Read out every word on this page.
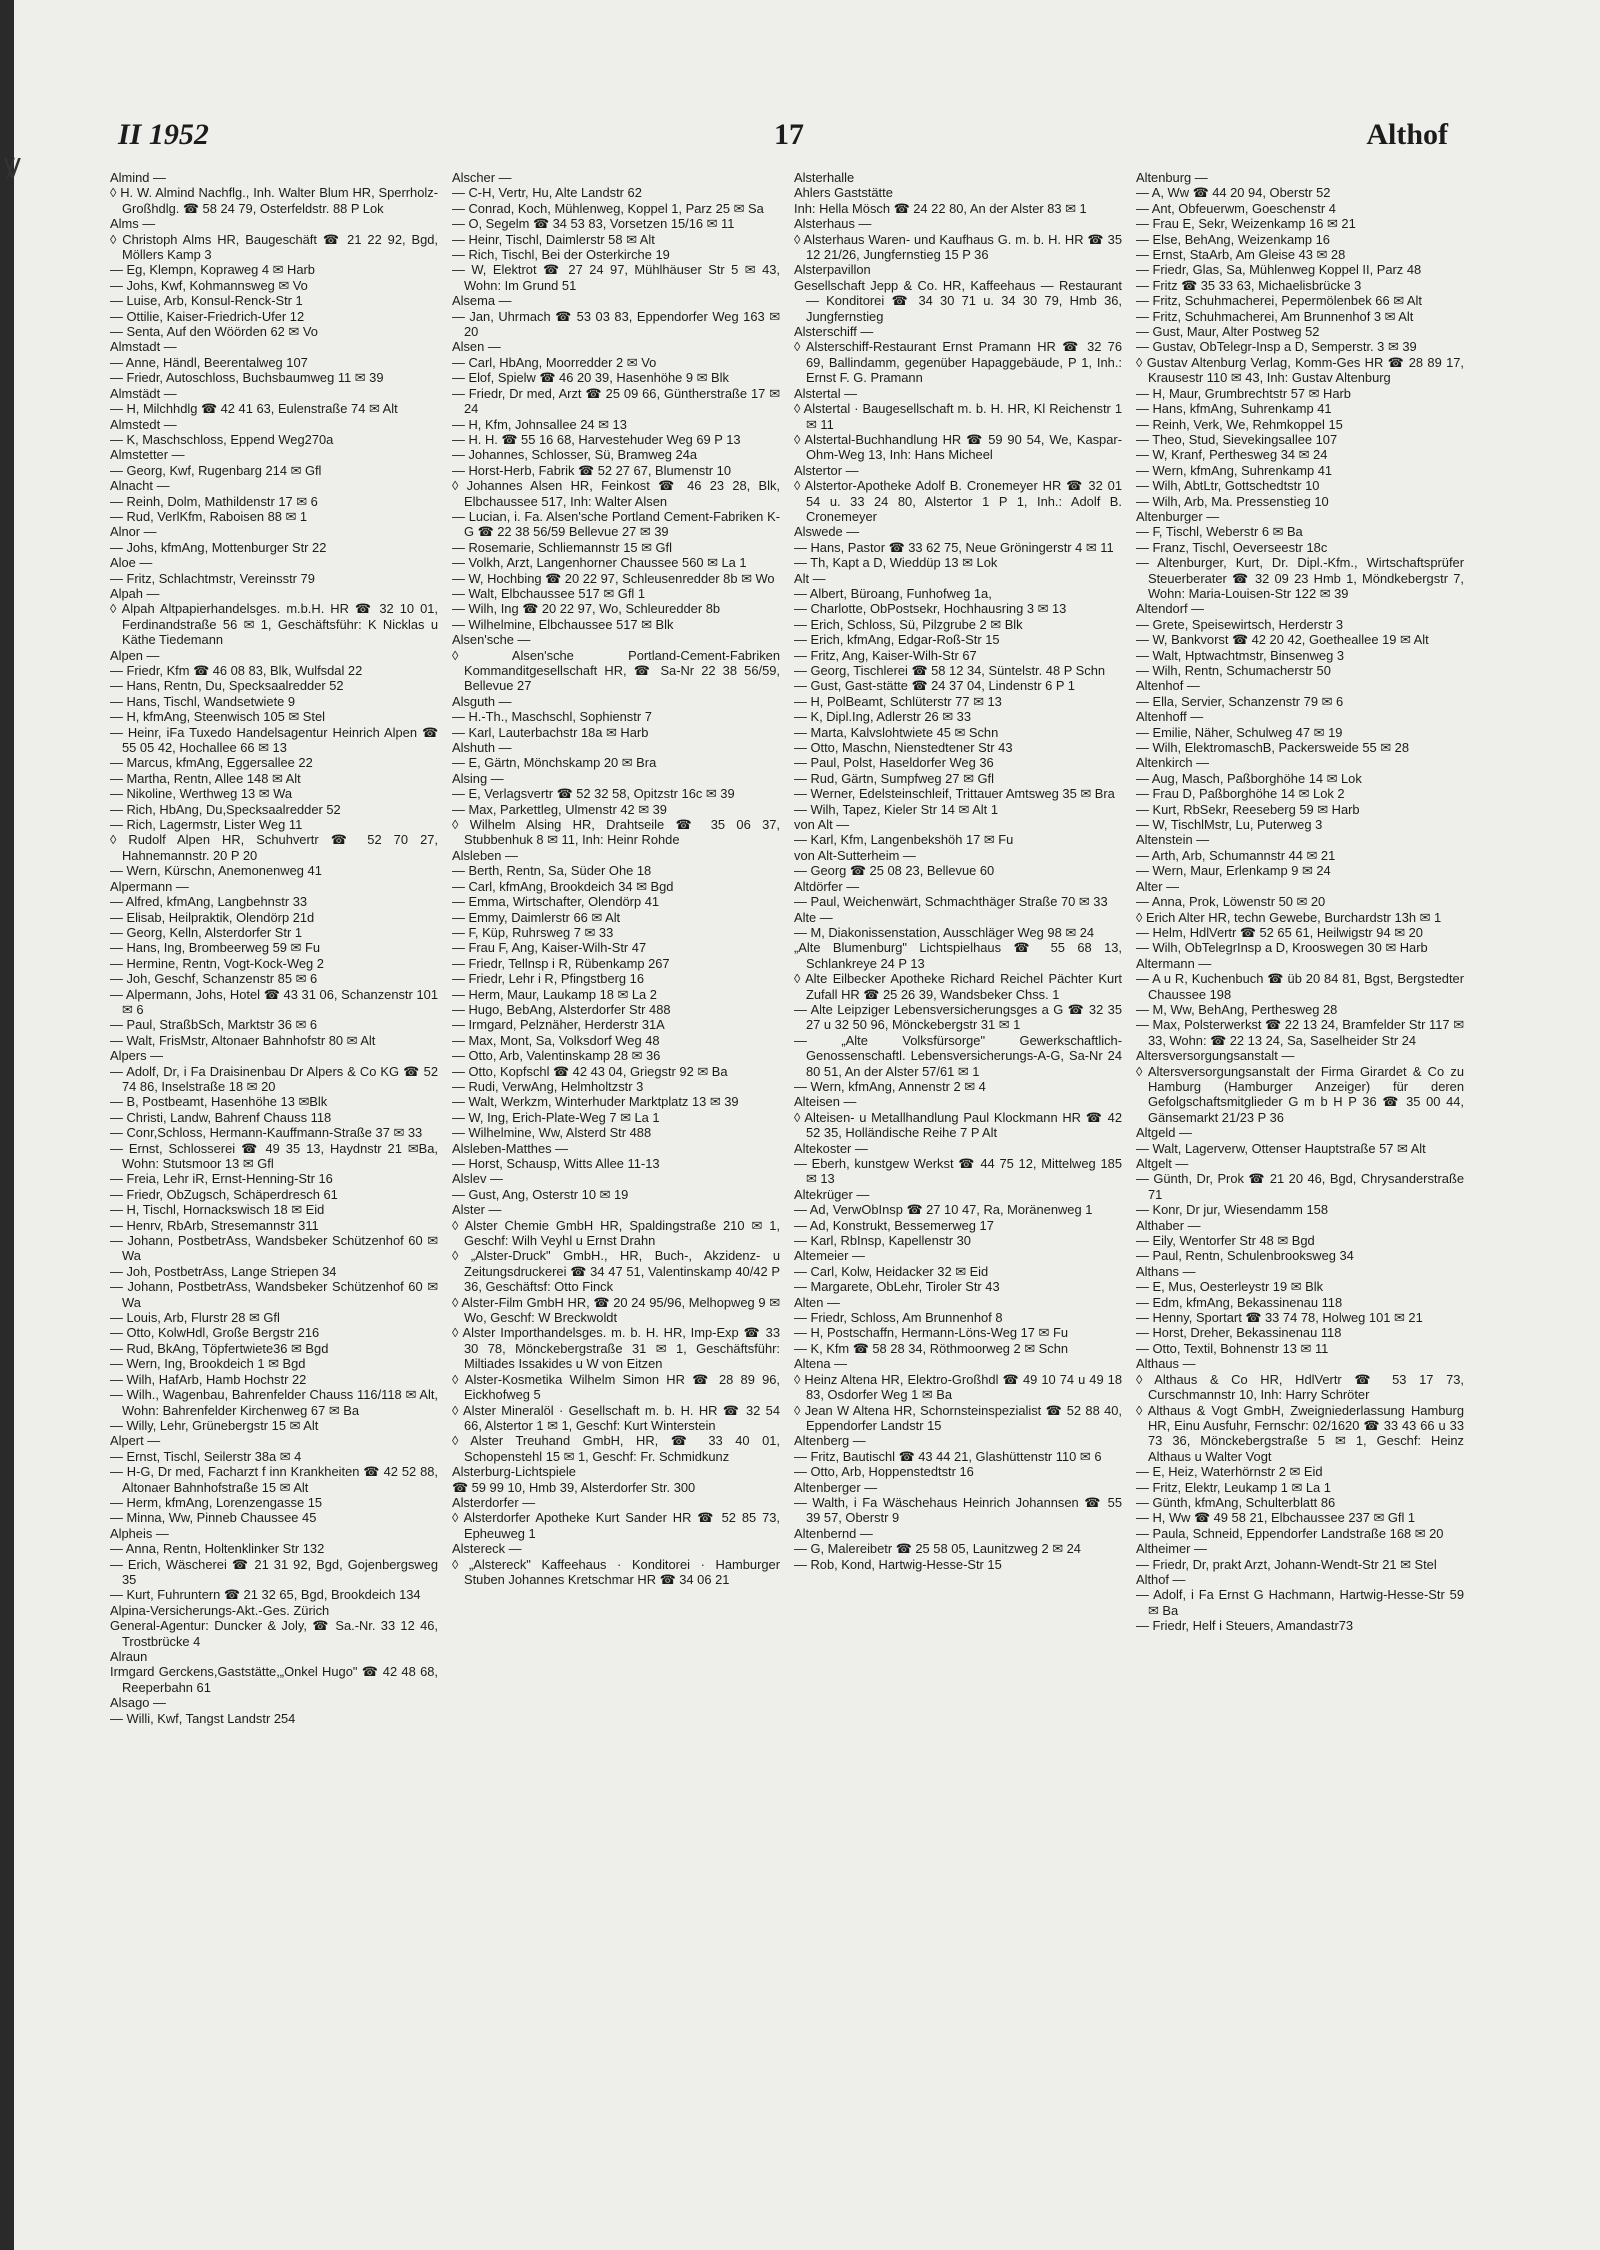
Ꝟ
II 1952	17	Althof
Almind —
◊ H. W. Almind Nachflg., Inh. Walter Blum HR, Sperrholz-Großhdlg. ☎ 58 24 79, Osterfeldstr. 88 P Lok
Alms —
◊ Christoph Alms HR, Baugeschäft ☎ 21 22 92, Bgd, Möllers Kamp 3
— Eg, Klempn, Kopraweg 4 ✉ Harb
— Johs, Kwf, Kohmannsweg ✉ Vo
— Luise, Arb, Konsul-Renck-Str 1
— Ottilie, Kaiser-Friedrich-Ufer 12
— Senta, Auf den Wöörden 62 ✉ Vo
Almstadt —
— Anne, Händl, Beerentalweg 107
— Friedr, Autoschloss, Buchsbaumweg 11 ✉ 39
Almstädt —
— H, Milchhdlg ☎ 42 41 63, Eulenstraße 74 ✉ Alt
Almstedt —
— K, Maschschloss, Eppend Weg270a
Almstetter —
— Georg, Kwf, Rugenbarg 214 ✉ Gfl
Alnacht —
— Reinh, Dolm, Mathildenstr 17 ✉ 6
— Rud, VerlKfm, Raboisen 88 ✉ 1
Alnor —
— Johs, kfmAng, Mottenburger Str 22
Aloe —
— Fritz, Schlachtmstr, Vereinsstr 79
Alpah —
◊ Alpah Altpapierhandelsges. m.b.H. HR ☎ 32 10 01, Ferdinandstraße 56 ✉ 1, Geschäftsführ: K Nicklas u Käthe Tiedemann
Alpen —
— Friedr, Kfm ☎ 46 08 83, Blk, Wulfsdal 22
— Hans, Rentn, Du, Specksaalredder 52
— Hans, Tischl, Wandsetwiete 9
— H, kfmAng, Steenwisch 105 ✉ Stel
— Heinr, iFa Tuxedo Handelsagentur Heinrich Alpen ☎ 55 05 42, Hochallee 66 ✉ 13
— Marcus, kfmAng, Eggersallee 22
— Martha, Rentn, Allee 148 ✉ Alt
— Nikoline, Werthweg 13 ✉ Wa
— Rich, HbAng, Du,Specksaalredder 52
— Rich, Lagermstr, Lister Weg 11
◊ Rudolf Alpen HR, Schuhvertr ☎ 52 70 27, Hahnemannstr. 20 P 20
— Wern, Kürschn, Anemonenweg 41
Alpermann —
— Alfred, kfmAng, Langbehnstr 33
— Elisab, Heilpraktik, Olendörp 21d
— Georg, Kelln, Alsterdorfer Str 1
— Hans, Ing, Brombeerweg 59 ✉ Fu
— Hermine, Rentn, Vogt-Kock-Weg 2
— Joh, Geschf, Schanzenstr 85 ✉ 6
— Alpermann, Johs, Hotel ☎ 43 31 06, Schanzenstr 101 ✉ 6
— Paul, StraßbSch, Marktstr 36 ✉ 6
— Walt, FrisMstr, Altonaer Bahnhofstr 80 ✉ Alt
Alpers —
— Adolf, Dr, i Fa Draisinenbau Dr Alpers & Co KG ☎ 52 74 86, Inselstraße 18 ✉ 20
— B, Postbeamt, Hasenhöhe 13 ✉Blk
— Christi, Landw, Bahrenf Chauss 118
— Conr,Schloss, Hermann-Kauffmann-Straße 37 ✉ 33
— Ernst, Schlosserei ☎ 49 35 13, Haydnstr 21 ✉Ba, Wohn: Stutsmoor 13 ✉ Gfl
— Freia, Lehr iR, Ernst-Henning-Str 16
— Friedr, ObZugsch, Schäperdresch 61
— H, Tischl, Hornackswisch 18 ✉ Eid
— Henrv, RbArb, Stresemannstr 311
— Johann, PostbetrAss, Wandsbeker Schützenhof 60 ✉ Wa
— Joh, PostbetrAss, Lange Striepen 34
— Johann, PostbetrAss, Wandsbeker Schützenhof 60 ✉ Wa
— Louis, Arb, Flurstr 28 ✉ Gfl
— Otto, KolwHdl, Große Bergstr 216
— Rud, BkAng, Töpfertwiete36 ✉ Bgd
— Wern, Ing, Brookdeich 1 ✉ Bgd
— Wilh, HafArb, Hamb Hochstr 22
— Wilh., Wagenbau, Bahrenfelder Chauss 116/118 ✉ Alt, Wohn: Bahrenfelder Kirchenweg 67 ✉ Ba
— Willy, Lehr, Grünebergstr 15 ✉ Alt
Alpert —
— Ernst, Tischl, Seilerstr 38a ✉ 4
— H-G, Dr med, Facharzt f inn Krankheiten ☎ 42 52 88, Altonaer Bahnhofstraße 15 ✉ Alt
— Herm, kfmAng, Lorenzengasse 15
— Minna, Ww, Pinneb Chaussee 45
Alpheis —
— Anna, Rentn, Holtenklinker Str 132
— Erich, Wäscherei ☎ 21 31 92, Bgd, Gojenbergsweg 35
— Kurt, Fuhruntern ☎ 21 32 65, Bgd, Brookdeich 134
Alpina-Versicherungs-Akt.-Ges. Zürich
General-Agentur: Duncker & Joly, ☎ Sa.-Nr. 33 12 46, Trostbrücke 4
Alraun
Irmgard Gerckens,Gaststätte,„Onkel Hugo" ☎ 42 48 68, Reeperbahn 61
Alsago —
— Willi, Kwf, Tangst Landstr 254
Alscher —
— C-H, Vertr, Hu, Alte Landstr 62
— Conrad, Koch, Mühlenweg, Koppel 1, Parz 25 ✉ Sa
— O, Segelm ☎ 34 53 83, Vorsetzen 15/16 ✉ 11
— Heinr, Tischl, Daimlerstr 58 ✉ Alt
— Rich, Tischl, Bei der Osterkirche 19
— W, Elektrot ☎ 27 24 97, Mühlhäuser Str 5 ✉ 43, Wohn: Im Grund 51
Alsema —
— Jan, Uhrmach ☎ 53 03 83, Eppendorfer Weg 163 ✉ 20
Alsen —
— Carl, HbAng, Moorredder 2 ✉ Vo
— Elof, Spielw ☎ 46 20 39, Hasenhöhe 9 ✉ Blk
— Friedr, Dr med, Arzt ☎ 25 09 66, Güntherstraße 17 ✉ 24
— H, Kfm, Johnsallee 24 ✉ 13
— H. H. ☎ 55 16 68, Harvestehuder Weg 69 P 13
— Johannes, Schlosser, Sü, Bramweg 24a
— Horst-Herb, Fabrik ☎ 52 27 67, Blumenstr 10
◊ Johannes Alsen HR, Feinkost ☎ 46 23 28, Blk, Elbchaussee 517, Inh: Walter Alsen
— Lucian, i. Fa. Alsen'sche Portland Cement-Fabriken K-G ☎ 22 38 56/59 Bellevue 27 ✉ 39
— Rosemarie, Schliemannstr 15 ✉ Gfl
— Volkh, Arzt, Langenhorner Chaussee 560 ✉ La 1
— W, Hochbing ☎ 20 22 97, Schleusenredder 8b ✉ Wo
— Walt, Elbchaussee 517 ✉ Gfl 1
— Wilh, Ing ☎ 20 22 97, Wo, Schleuredder 8b
— Wilhelmine, Elbchaussee 517 ✉ Blk
Alsen'sche —
◊ Alsen'sche Portland-Cement-Fabriken Kommanditgesellschaft HR, ☎ Sa-Nr 22 38 56/59, Bellevue 27
Alsguth —
— H.-Th., Maschschl, Sophienstr 7
— Karl, Lauterbachstr 18a ✉ Harb
Alshuth —
— E, Gärtn, Mönchskamp 20 ✉ Bra
Alsing —
— E, Verlagsvertr ☎ 52 32 58, Opitzstr 16c ✉ 39
— Max, Parkettleg, Ulmenstr 42 ✉ 39
◊ Wilhelm Alsing HR, Drahtseile ☎ 35 06 37, Stubbenhuk 8 ✉ 11, Inh: Heinr Rohde
Alsleben —
— Berth, Rentn, Sa, Süder Ohe 18
— Carl, kfmAng, Brookdeich 34 ✉ Bgd
— Emma, Wirtschafter, Olendörp 41
— Emmy, Daimlerstr 66 ✉ Alt
— F, Küp, Ruhrsweg 7 ✉ 33
— Frau F, Ang, Kaiser-Wilh-Str 47
— Friedr, Tellnsp i R, Rübenkamp 267
— Friedr, Lehr i R, Pfingstberg 16
— Herm, Maur, Laukamp 18 ✉ La 2
— Hugo, BebAng, Alsterdorfer Str 488
— Irmgard, Pelznäher, Herderstr 31A
— Max, Mont, Sa, Volksdorf Weg 48
— Otto, Arb, Valentinskamp 28 ✉ 36
— Otto, Kopfschl ☎ 42 43 04, Griegstr 92 ✉ Ba
— Rudi, VerwAng, Helmholtzstr 3
— Walt, Werkzm, Winterhuder Marktplatz 13 ✉ 39
— W, Ing, Erich-Plate-Weg 7 ✉ La 1
— Wilhelmine, Ww, Alsterd Str 488
Alsleben-Matthes —
— Horst, Schausp, Witts Allee 11-13
Alslev —
— Gust, Ang, Osterstr 10 ✉ 19
Alster —
◊ Alster Chemie GmbH HR, Spaldingstraße 210 ✉ 1, Geschf: Wilh Veyhl u Ernst Drahn
◊ „Alster-Druck" GmbH., HR, Buch-, Akzidenz- u Zeitungsdruckerei ☎ 34 47 51, Valentinskamp 40/42 P 36, Geschäftsf: Otto Finck
◊ Alster-Film GmbH HR, ☎ 20 24 95/96, Melhopweg 9 ✉ Wo, Geschf: W Breckwoldt
◊ Alster Importhandelsges. m. b. H. HR, Imp-Exp ☎ 33 30 78, Mönckebergstraße 31 ✉ 1, Geschäftsführ: Miltiades Issakides u W von Eitzen
◊ Alster-Kosmetika Wilhelm Simon HR ☎ 28 89 96, Eickhofweg 5
◊ Alster Mineralöl · Gesellschaft m. b. H. HR ☎ 32 54 66, Alstertor 1 ✉ 1, Geschf: Kurt Winterstein
◊ Alster Treuhand GmbH, HR, ☎ 33 40 01, Schopenstehl 15 ✉ 1, Geschf: Fr. Schmidkunz
Alsterburg-Lichtspiele
☎ 59 99 10, Hmb 39, Alsterdorfer Str. 300
Alsterdorfer —
◊ Alsterdorfer Apotheke Kurt Sander HR ☎ 52 85 73, Epheuweg 1
Alstereck —
◊ „Alstereck" Kaffeehaus · Konditorei · Hamburger Stuben Johannes Kretschmar HR ☎ 34 06 21
Alsterhalle
Ahlers Gaststätte
Inh: Hella Mösch ☎ 24 22 80, An der Alster 83 ✉ 1
Alsterhaus —
◊ Alsterhaus Waren- und Kaufhaus G. m. b. H. HR ☎ 35 12 21/26, Jungfernstieg 15 P 36
Alsterpavillon
Gesellschaft Jepp & Co. HR, Kaffeehaus — Restaurant — Konditorei ☎ 34 30 71 u. 34 30 79, Hmb 36, Jungfernstieg
Alsterschiff —
◊ Alsterschiff-Restaurant Ernst Pramann HR ☎ 32 76 69, Ballindamm, gegenüber Hapaggebäude, P 1, Inh.: Ernst F. G. Pramann
Alstertal —
◊ Alstertal · Baugesellschaft m. b. H. HR, Kl Reichenstr 1 ✉ 11
◊ Alstertal-Buchhandlung HR ☎ 59 90 54, We, Kaspar-Ohm-Weg 13, Inh: Hans Micheel
Alstertor —
◊ Alstertor-Apotheke Adolf B. Cronemeyer HR ☎ 32 01 54 u. 33 24 80, Alstertor 1 P 1, Inh.: Adolf B. Cronemeyer
Alswede —
— Hans, Pastor ☎ 33 62 75, Neue Gröningerstr 4 ✉ 11
— Th, Kapt a D, Wieddüp 13 ✉ Lok
Alt —
— Albert, Büroang, Funhofweg 1a,
— Charlotte, ObPostsekr, Hochhausring 3 ✉ 13
— Erich, Schloss, Sü, Pilzgrube 2 ✉ Blk
— Erich, kfmAng, Edgar-Roß-Str 15
— Fritz, Ang, Kaiser-Wilh-Str 67
— Georg, Tischlerei ☎ 58 12 34, Süntelstr. 48 P Schn
— Gust, Gast-stätte ☎ 24 37 04, Lindenstr 6 P 1
— H, PolBeamt, Schlüterstr 77 ✉ 13
— K, Dipl.Ing, Adlerstr 26 ✉ 33
— Marta, Kalvslohtwiete 45 ✉ Schn
— Otto, Maschn, Nienstedtener Str 43
— Paul, Polst, Haseldorfer Weg 36
— Rud, Gärtn, Sumpfweg 27 ✉ Gfl
— Werner, Edelsteinschleif, Trittauer Amtsweg 35 ✉ Bra
— Wilh, Tapez, Kieler Str 14 ✉ Alt 1
von Alt —
— Karl, Kfm, Langenbekshöh 17 ✉ Fu
von Alt-Sutterheim —
— Georg ☎ 25 08 23, Bellevue 60
Altdörfer —
— Paul, Weichenwärt, Schmachthäger Straße 70 ✉ 33
Alte —
— M, Diakonissenstation, Ausschläger Weg 98 ✉ 24
„Alte Blumenburg" Lichtspielhaus ☎ 55 68 13, Schlankreye 24 P 13
◊ Alte Eilbecker Apotheke Richard Reichel Pächter Kurt Zufall HR ☎ 25 26 39, Wandsbeker Chss. 1
— Alte Leipziger Lebensversicherungsges a G ☎ 32 35 27 u 32 50 96, Mönckebergstr 31 ✉ 1
— „Alte Volksfürsorge" Gewerkschaftlich-Genossenschaftl. Lebensversicherungs-A-G, Sa-Nr 24 80 51, An der Alster 57/61 ✉ 1
— Wern, kfmAng, Annenstr 2 ✉ 4
Alteisen —
◊ Alteisen- u Metallhandlung Paul Klockmann HR ☎ 42 52 35, Holländische Reihe 7 P Alt
Altekoster —
— Eberh, kunstgew Werkst ☎ 44 75 12, Mittelweg 185 ✉ 13
Altekrüger —
— Ad, VerwObInsp ☎ 27 10 47, Ra, Moränenweg 1
— Ad, Konstrukt, Bessemerweg 17
— Karl, RbInsp, Kapellenstr 30
Altemeier —
— Carl, Kolw, Heidacker 32 ✉ Eid
— Margarete, ObLehr, Tiroler Str 43
Alten —
— Friedr, Schloss, Am Brunnenhof 8
— H, Postschaffn, Hermann-Löns-Weg 17 ✉ Fu
— K, Kfm ☎ 58 28 34, Röthmoorweg 2 ✉ Schn
Altena —
◊ Heinz Altena HR, Elektro-Großhdl ☎ 49 10 74 u 49 18 83, Osdorfer Weg 1 ✉ Ba
◊ Jean W Altena HR, Schornsteinspezialist ☎ 52 88 40, Eppendorfer Landstr 15
Altenberg —
— Fritz, Bautischl ☎ 43 44 21, Glashüttenstr 110 ✉ 6
— Otto, Arb, Hoppenstedtstr 16
Altenberger —
— Walth, i Fa Wäschehaus Heinrich Johannsen ☎ 55 39 57, Oberstr 9
Altenbernd —
— G, Malereibetr ☎ 25 58 05, Launitzweg 2 ✉ 24
— Rob, Kond, Hartwig-Hesse-Str 15
Altenburg —
— A, Ww ☎ 44 20 94, Oberstr 52
— Ant, Obfeuerwm, Goeschenstr 4
— Frau E, Sekr, Weizenkamp 16 ✉ 21
— Else, BehAng, Weizenkamp 16
— Ernst, StaArb, Am Gleise 43 ✉ 28
— Friedr, Glas, Sa, Mühlenweg Koppel II, Parz 48
— Fritz ☎ 35 33 63, Michaelisbrücke 3
— Fritz, Schuhmacherei, Pepermölenbek 66 ✉ Alt
— Fritz, Schuhmacherei, Am Brunnenhof 3 ✉ Alt
— Gust, Maur, Alter Postweg 52
— Gustav, ObTelegr-Insp a D, Semperstr. 3 ✉ 39
◊ Gustav Altenburg Verlag, Komm-Ges HR ☎ 28 89 17, Krausestr 110 ✉ 43, Inh: Gustav Altenburg
— H, Maur, Grumbrechtstr 57 ✉ Harb
— Hans, kfmAng, Suhrenkamp 41
— Reinh, Verk, We, Rehmkoppel 15
— Theo, Stud, Sievekingsallee 107
— W, Kranf, Perthesweg 34 ✉ 24
— Wern, kfmAng, Suhrenkamp 41
— Wilh, AbtLtr, Gottschedtstr 10
— Wilh, Arb, Ma. Pressenstieg 10
Altenburger —
— F, Tischl, Weberstr 6 ✉ Ba
— Franz, Tischl, Oeverseestr 18c
— Altenburger, Kurt, Dr. Dipl.-Kfm., Wirtschaftsprüfer Steuerberater ☎ 32 09 23 Hmb 1, Möndkebergstr 7, Wohn: Maria-Louisen-Str 122 ✉ 39
Altendorf —
— Grete, Speisewirtsch, Herderstr 3
— W, Bankvorst ☎ 42 20 42, Goetheallee 19 ✉ Alt
— Walt, Hptwachtmstr, Binsenweg 3
— Wilh, Rentn, Schumacherstr 50
Altenhof —
— Ella, Servier, Schanzenstr 79 ✉ 6
Altenhoff —
— Emilie, Näher, Schulweg 47 ✉ 19
— Wilh, ElektromaschB, Packersweide 55 ✉ 28
Altenkirch —
— Aug, Masch, Paßborghöhe 14 ✉ Lok
— Frau D, Paßborghöhe 14 ✉ Lok 2
— Kurt, RbSekr, Reeseberg 59 ✉ Harb
— W, TischlMstr, Lu, Puterweg 3
Altenstein —
— Arth, Arb, Schumannstr 44 ✉ 21
— Wern, Maur, Erlenkamp 9 ✉ 24
Alter —
— Anna, Prok, Löwenstr 50 ✉ 20
◊ Erich Alter HR, techn Gewebe, Burchardstr 13h ✉ 1
— Helm, HdlVertr ☎ 52 65 61, Heilwigstr 94 ✉ 20
— Wilh, ObTelegrInsp a D, Krooswegen 30 ✉ Harb
Altermann —
— A u R, Kuchenbuch ☎ üb 20 84 81, Bgst, Bergstedter Chaussee 198
— M, Ww, BehAng, Perthesweg 28
— Max, Polsterwerkst ☎ 22 13 24, Bramfelder Str 117 ✉ 33, Wohn: ☎ 22 13 24, Sa, Saselheider Str 24
Altersversorgungsanstalt —
◊ Altersversorgungsanstalt der Firma Girardet & Co zu Hamburg (Hamburger Anzeiger) für deren Gefolgschaftsmitglieder G m b H P 36 ☎ 35 00 44, Gänsemarkt 21/23 P 36
Altgeld —
— Walt, Lagerverw, Ottenser Hauptstraße 57 ✉ Alt
Altgelt —
— Günth, Dr, Prok ☎ 21 20 46, Bgd, Chrysanderstraße 71
— Konr, Dr jur, Wiesendamm 158
Althaber —
— Eily, Wentorfer Str 48 ✉ Bgd
— Paul, Rentn, Schulenbrooksweg 34
Althans —
— E, Mus, Oesterleystr 19 ✉ Blk
— Edm, kfmAng, Bekassinenau 118
— Henny, Sportart ☎ 33 74 78, Holweg 101 ✉ 21
— Horst, Dreher, Bekassinenau 118
— Otto, Textil, Bohnenstr 13 ✉ 11
Althaus —
◊ Althaus & Co HR, HdlVertr ☎ 53 17 73, Curschmannstr 10, Inh: Harry Schröter
◊ Althaus & Vogt GmbH, Zweigniederlassung Hamburg HR, Einu Ausfuhr, Fernschr: 02/1620 ☎ 33 43 66 u 33 73 36, Mönckebergstraße 5 ✉ 1, Geschf: Heinz Althaus u Walter Vogt
— E, Heiz, Waterhörnstr 2 ✉ Eid
— Fritz, Elektr, Leukamp 1 ✉ La 1
— Günth, kfmAng, Schulterblatt 86
— H, Ww ☎ 49 58 21, Elbchaussee 237 ✉ Gfl 1
— Paula, Schneid, Eppendorfer Landstraße 168 ✉ 20
Altheimer —
— Friedr, Dr, prakt Arzt, Johann-Wendt-Str 21 ✉ Stel
Althof —
— Adolf, i Fa Ernst G Hachmann, Hartwig-Hesse-Str 59 ✉ Ba
— Friedr, Helf i Steuers, Amandastr73
